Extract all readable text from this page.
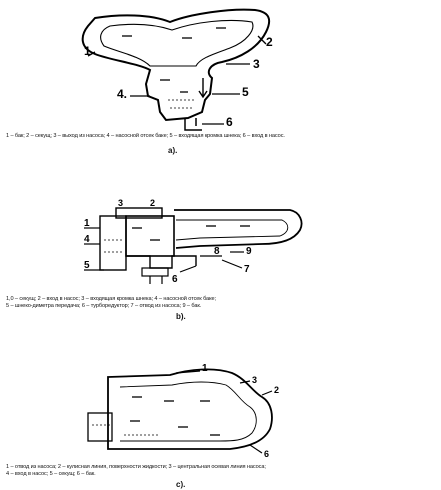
1
2
3
4.	5
6
1 – бак; 2 – секущ; 3 – выход из насоса; 4 – насосной отсек баке; 5 – входящая кромка шнека; 6 – вход в насос.
а).
1
3	2
4
5
6
7
8	9
1,0 – секущ; 2 – вход в насос; 3 – входящая кромка шнека; 4 – насосной отсек баке;
5 – шнеко-диметра передача; 6 – турборедуктор; 7 – отвод из насоса; 9 – бак.
b).
1
3
2
6
1 – отвод из насоса; 2 – кулисная линия, поверхности жидкости; 3 – центральная осевая линия насоса;
4 – вход в насос; 5 – секущ; 6 – бак.
c).
